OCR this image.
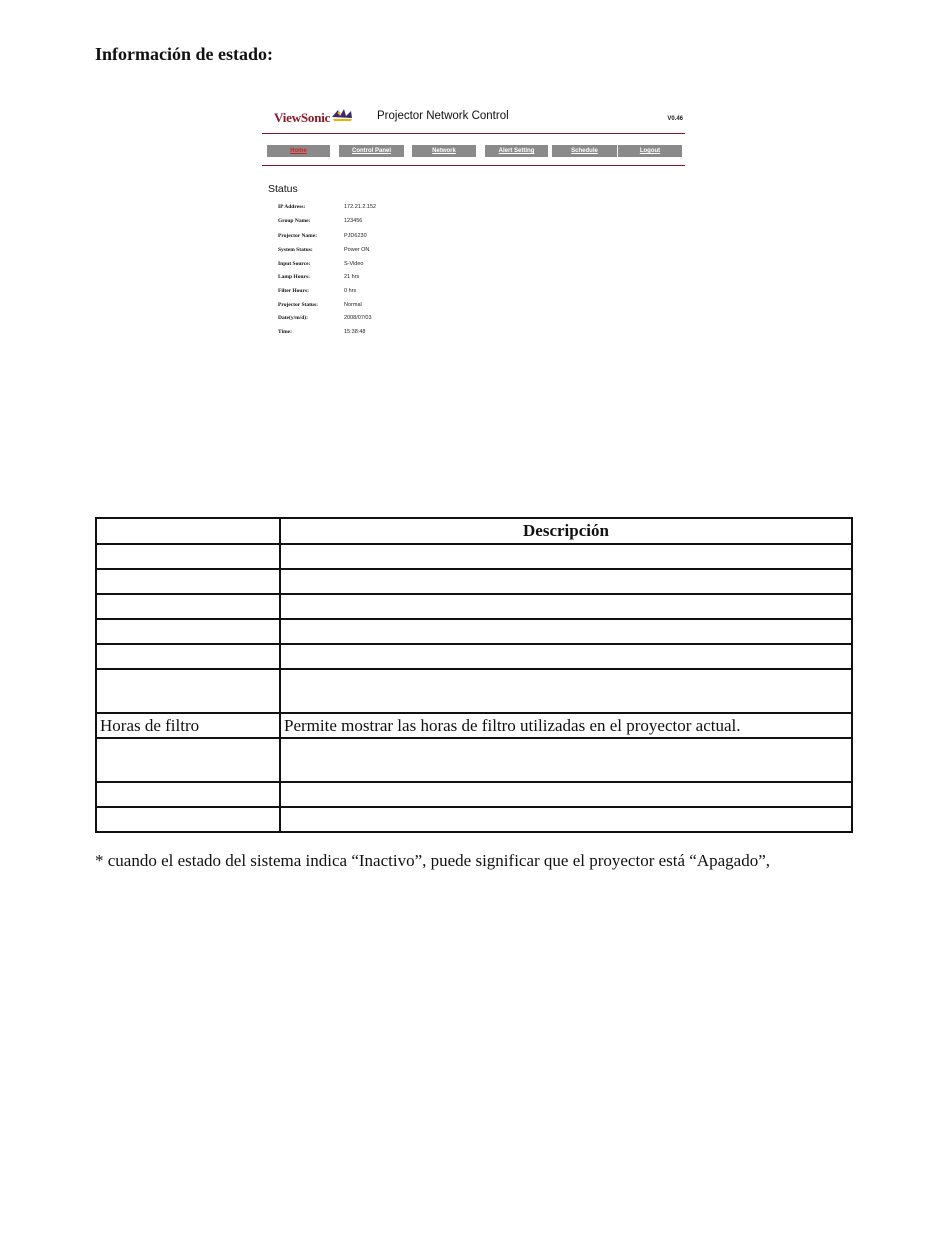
Información de estado:
ViewSonic	Projector Network Control	V0.46
Home	Control Panel	Network	Alert Setting	Schedule	Logout
Status
IP Address:	172.21.2.152
Group Name:	123456
Projector Name:	PJD6230
System Status:	Power ON
Input Source:	S-Video
Lamp Hours:	21 hrs
Filter Hours:	0 hrs
Projector Status:	Normal
Date(y/m/d):	2008/07/03
Time:	15:38:48
	Descripción

Horas de filtro	Permite mostrar las horas de filtro utilizadas en el proyector actual.

* cuando el estado del sistema indica “Inactivo”, puede significar que el proyector está “Apagado”,
